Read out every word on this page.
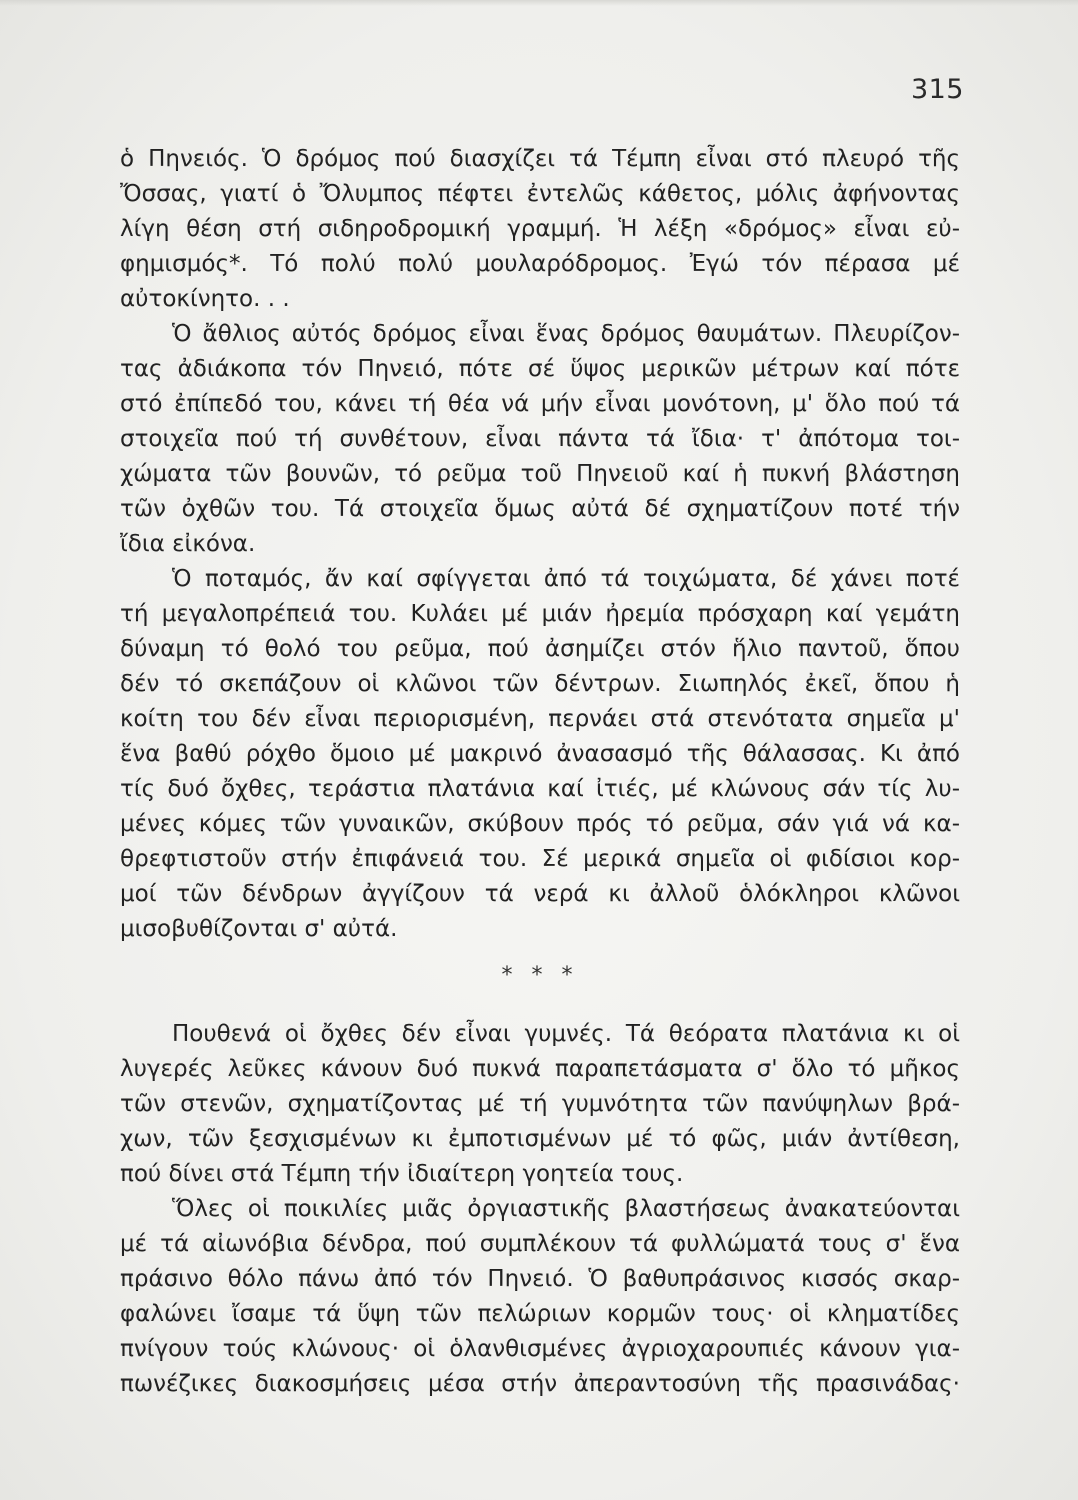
315
ὁ Πηνειός. Ὁ δρόμος πού διασχίζει τά Τέμπη εἶναι στό πλευρό τῆς
Ὄσσας, γιατί ὁ Ὄλυμπος πέφτει ἐντελῶς κάθετος, μόλις ἀφήνοντας
λίγη θέση στή σιδηροδρομική γραμμή. Ἡ λέξη «δρόμος» εἶναι εὐ-
φημισμός*. Τό πολύ πολύ μουλαρόδρομος. Ἐγώ τόν πέρασα μέ
αὐτοκίνητο. . .
Ὁ ἄθλιος αὐτός δρόμος εἶναι ἕνας δρόμος θαυμάτων. Πλευρίζον-
τας ἀδιάκοπα τόν Πηνειό, πότε σέ ὕψος μερικῶν μέτρων καί πότε
στό ἐπίπεδό του, κάνει τή θέα νά μήν εἶναι μονότονη, μ' ὅλο πού τά
στοιχεῖα πού τή συνθέτουν, εἶναι πάντα τά ἴδια· τ' ἀπότομα τοι-
χώματα τῶν βουνῶν, τό ρεῦμα τοῦ Πηνειοῦ καί ἡ πυκνή βλάστηση
τῶν ὀχθῶν του. Τά στοιχεῖα ὅμως αὐτά δέ σχηματίζουν ποτέ τήν
ἴδια εἰκόνα.
Ὁ ποταμός, ἄν καί σφίγγεται ἀπό τά τοιχώματα, δέ χάνει ποτέ
τή μεγαλοπρέπειά του. Κυλάει μέ μιάν ἠρεμία πρόσχαρη καί γεμάτη
δύναμη τό θολό του ρεῦμα, πού ἀσημίζει στόν ἥλιο παντοῦ, ὅπου
δέν τό σκεπάζουν οἱ κλῶνοι τῶν δέντρων. Σιωπηλός ἐκεῖ, ὅπου ἡ
κοίτη του δέν εἶναι περιορισμένη, περνάει στά στενότατα σημεῖα μ'
ἕνα βαθύ ρόχθο ὅμοιο μέ μακρινό ἀνασασμό τῆς θάλασσας. Κι ἀπό
τίς δυό ὄχθες, τεράστια πλατάνια καί ἰτιές, μέ κλώνους σάν τίς λυ-
μένες κόμες τῶν γυναικῶν, σκύβουν πρός τό ρεῦμα, σάν γιά νά κα-
θρεφτιστοῦν στήν ἐπιφάνειά του. Σέ μερικά σημεῖα οἱ φιδίσιοι κορ-
μοί τῶν δένδρων ἀγγίζουν τά νερά κι ἀλλοῦ ὁλόκληροι κλῶνοι
μισοβυθίζονται σ' αὐτά.
* * *
Πουθενά οἱ ὄχθες δέν εἶναι γυμνές. Τά θεόρατα πλατάνια κι οἱ
λυγερές λεῦκες κάνουν δυό πυκνά παραπετάσματα σ' ὅλο τό μῆκος
τῶν στενῶν, σχηματίζοντας μέ τή γυμνότητα τῶν πανύψηλων βρά-
χων, τῶν ξεσχισμένων κι ἐμποτισμένων μέ τό φῶς, μιάν ἀντίθεση,
πού δίνει στά Τέμπη τήν ἰδιαίτερη γοητεία τους.
Ὅλες οἱ ποικιλίες μιᾶς ὀργιαστικῆς βλαστήσεως ἀνακατεύονται
μέ τά αἰωνόβια δένδρα, πού συμπλέκουν τά φυλλώματά τους σ' ἕνα
πράσινο θόλο πάνω ἀπό τόν Πηνειό. Ὁ βαθυπράσινος κισσός σκαρ-
φαλώνει ἴσαμε τά ὕψη τῶν πελώριων κορμῶν τους· οἱ κληματίδες
πνίγουν τούς κλώνους· οἱ ὁλανθισμένες ἀγριοχαρουπιές κάνουν για-
πωνέζικες διακοσμήσεις μέσα στήν ἀπεραντοσύνη τῆς πρασινάδας·
